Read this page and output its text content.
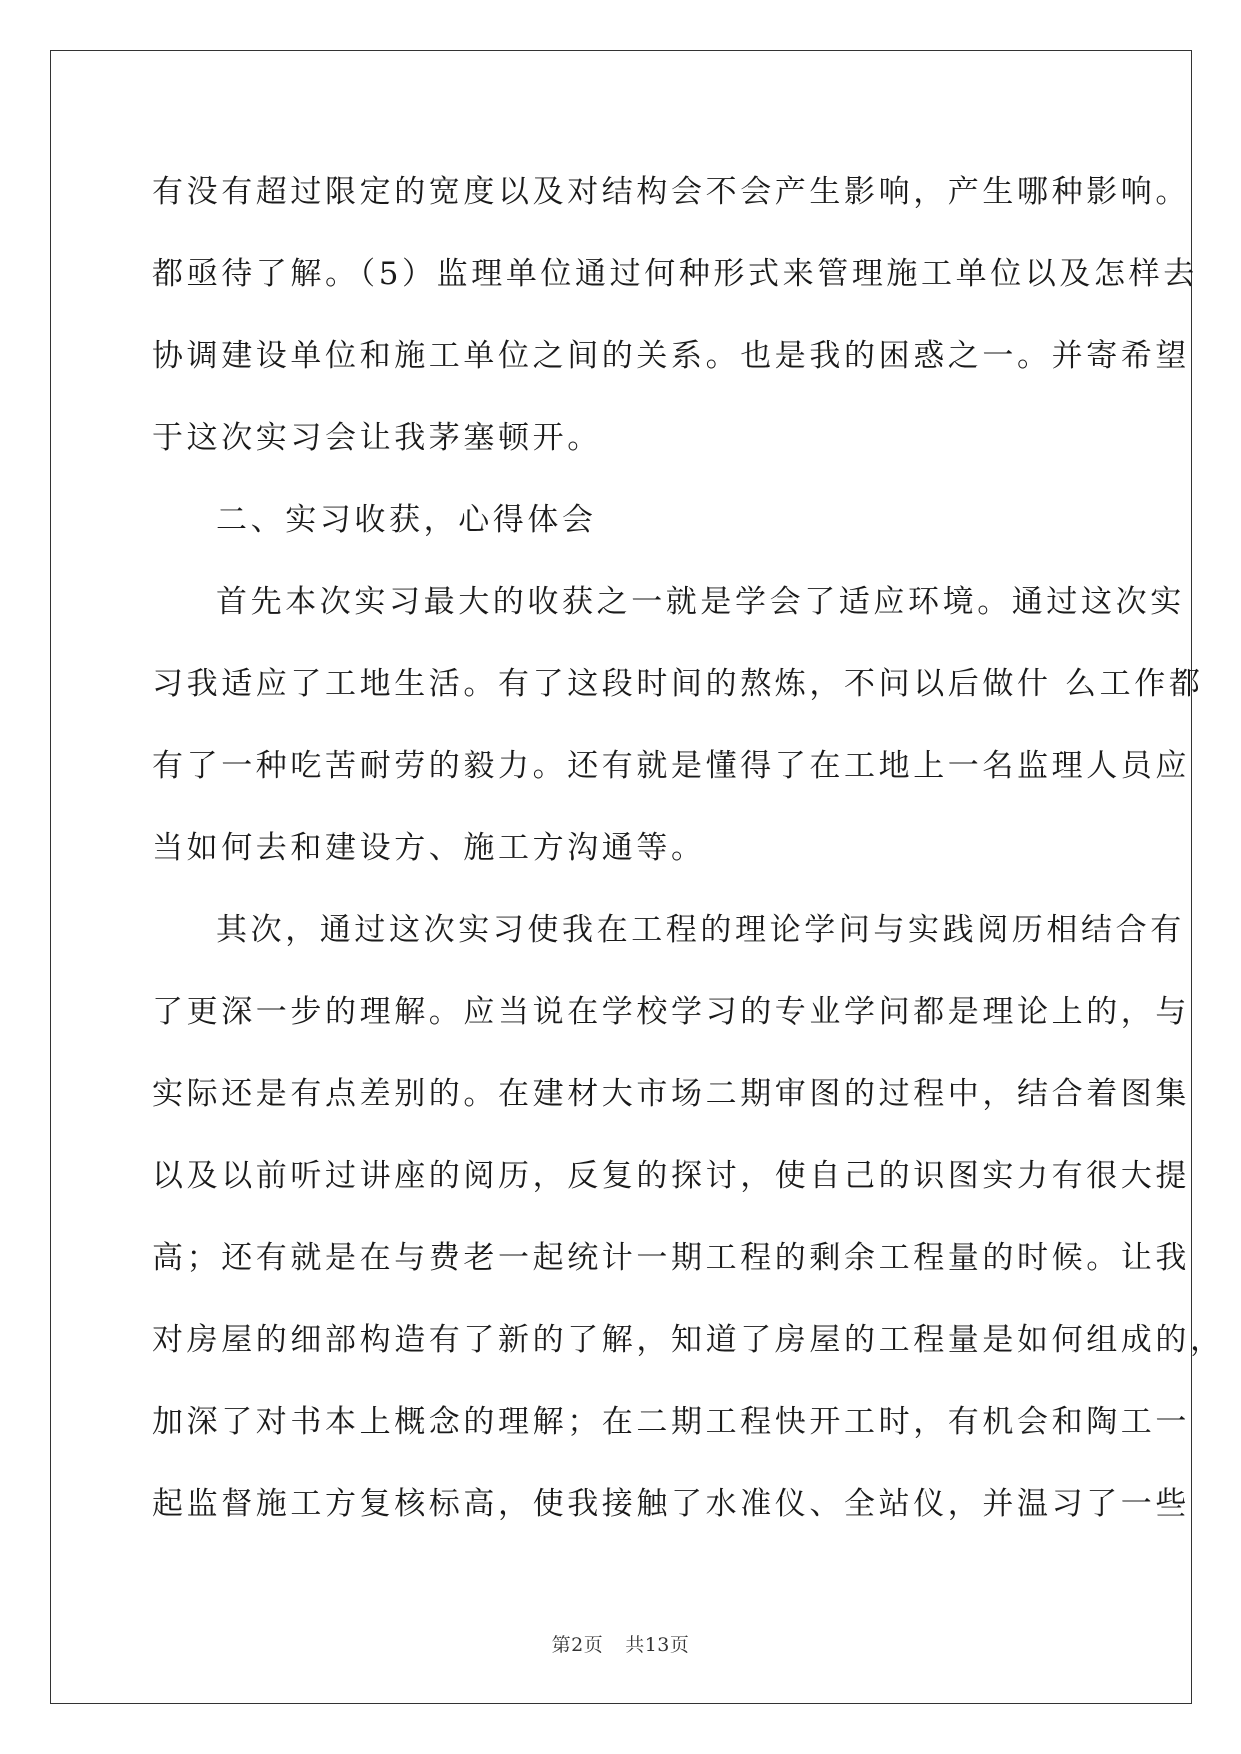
有没有超过限定的宽度以及对结构会不会产生影响，产生哪种影响。
都亟待了解。（5）监理单位通过何种形式来管理施工单位以及怎样去
协调建设单位和施工单位之间的关系。也是我的困惑之一。并寄希望
于这次实习会让我茅塞顿开。
二、实习收获，心得体会
首先本次实习最大的收获之一就是学会了适应环境。通过这次实
习我适应了工地生活。有了这段时间的熬炼，不问以后做什 么工作都
有了一种吃苦耐劳的毅力。还有就是懂得了在工地上一名监理人员应
当如何去和建设方、施工方沟通等。
其次，通过这次实习使我在工程的理论学问与实践阅历相结合有
了更深一步的理解。应当说在学校学习的专业学问都是理论上的，与
实际还是有点差别的。在建材大市场二期审图的过程中，结合着图集
以及以前听过讲座的阅历，反复的探讨，使自己的识图实力有很大提
高；还有就是在与费老一起统计一期工程的剩余工程量的时候。让我
对房屋的细部构造有了新的了解，知道了房屋的工程量是如何组成的，
加深了对书本上概念的理解；在二期工程快开工时，有机会和陶工一
起监督施工方复核标高，使我接触了水准仪、全站仪，并温习了一些
第2页 共13页
